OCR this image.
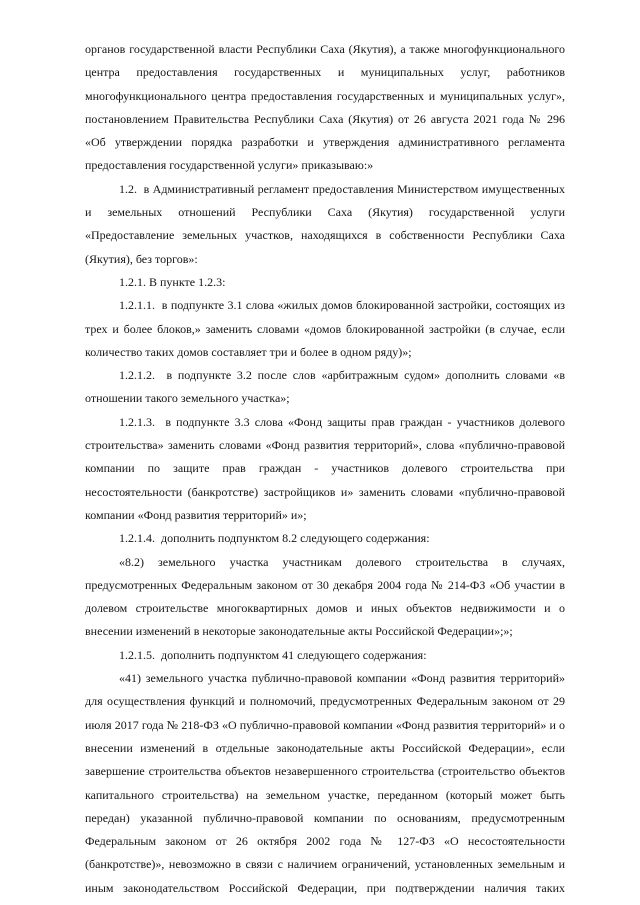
органов государственной власти Республики Саха (Якутия), а также многофункционального центра предоставления государственных и муниципальных услуг, работников многофункционального центра предоставления государственных и муниципальных услуг», постановлением Правительства Республики Саха (Якутия) от 26 августа 2021 года № 296 «Об утверждении порядка разработки и утверждения административного регламента предоставления государственной услуги» приказываю:»

1.2.  в Административный регламент предоставления Министерством имущественных и земельных отношений Республики Саха (Якутия) государственной услуги «Предоставление земельных участков, находящихся в собственности Республики Саха (Якутия), без торгов»:

1.2.1. В пункте 1.2.3:

1.2.1.1.  в подпункте 3.1 слова «жилых домов блокированной застройки, состоящих из трех и более блоков,» заменить словами «домов блокированной застройки (в случае, если количество таких домов составляет три и более в одном ряду)»;

1.2.1.2.  в подпункте 3.2 после слов «арбитражным судом» дополнить словами «в отношении такого земельного участка»;

1.2.1.3.  в подпункте 3.3 слова «Фонд защиты прав граждан - участников долевого строительства» заменить словами «Фонд развития территорий», слова «публично-правовой компании по защите прав граждан - участников долевого строительства при несостоятельности (банкротстве) застройщиков и» заменить словами «публично-правовой компании «Фонд развития территорий» и»;

1.2.1.4.  дополнить подпунктом 8.2 следующего содержания:

«8.2) земельного участка участникам долевого строительства в случаях, предусмотренных Федеральным законом от 30 декабря 2004 года № 214-ФЗ «Об участии в долевом строительстве многоквартирных домов и иных объектов недвижимости и о внесении изменений в некоторые законодательные акты Российской Федерации»;»;

1.2.1.5.  дополнить подпунктом 41 следующего содержания:

«41) земельного участка публично-правовой компании «Фонд развития территорий» для осуществления функций и полномочий, предусмотренных Федеральным законом от 29 июля 2017 года № 218-ФЗ «О публично-правовой компании «Фонд развития территорий» и о внесении изменений в отдельные законодательные акты Российской Федерации», если завершение строительства объектов незавершенного строительства (строительство объектов капитального строительства) на земельном участке, переданном (который может быть передан) указанной публично-правовой компании по основаниям, предусмотренным Федеральным законом от 26 октября 2002 года № 127-ФЗ «О несостоятельности (банкротстве)», невозможно в связи с наличием ограничений, установленных земельным и иным законодательством Российской Федерации, при подтверждении наличия таких
